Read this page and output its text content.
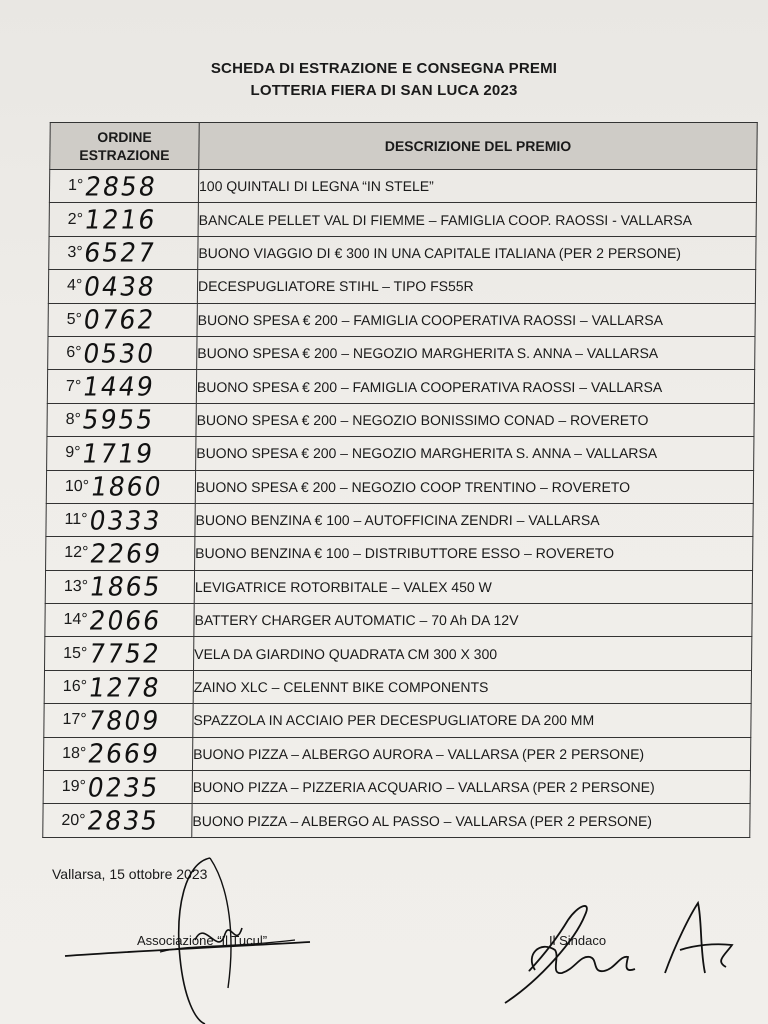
SCHEDA DI ESTRAZIONE E CONSEGNA PREMI
LOTTERIA FIERA DI SAN LUCA 2023
ORDINE
ESTRAZIONE	DESCRIZIONE DEL PREMIO

1° 2858	100 QUINTALI DI LEGNA “IN STELE”

2° 1216	BANCALE PELLET VAL DI FIEMME – FAMIGLIA COOP. RAOSSI - VALLARSA

3° 6527	BUONO VIAGGIO DI € 300 IN UNA CAPITALE ITALIANA (PER 2 PERSONE)

4° 0438	DECESPUGLIATORE STIHL – TIPO FS55R

5° 0762	BUONO SPESA € 200 – FAMIGLIA COOPERATIVA RAOSSI – VALLARSA

6° 0530	BUONO SPESA € 200 – NEGOZIO MARGHERITA S. ANNA – VALLARSA

7° 1449	BUONO SPESA € 200 – FAMIGLIA COOPERATIVA RAOSSI – VALLARSA

8° 5955	BUONO SPESA € 200 – NEGOZIO BONISSIMO CONAD – ROVERETO

9° 1719	BUONO SPESA € 200 – NEGOZIO MARGHERITA S. ANNA – VALLARSA

10° 1860	BUONO SPESA € 200 – NEGOZIO COOP TRENTINO – ROVERETO

11° 0333	BUONO BENZINA € 100 – AUTOFFICINA ZENDRI – VALLARSA

12° 2269	BUONO BENZINA € 100 – DISTRIBUTTORE ESSO – ROVERETO

13° 1865	LEVIGATRICE ROTORBITALE – VALEX 450 W

14° 2066	BATTERY CHARGER AUTOMATIC – 70 Ah DA 12V

15° 7752	VELA DA GIARDINO QUADRATA CM 300 X 300

16° 1278	ZAINO XLC – CELENNT BIKE COMPONENTS

17° 7809	SPAZZOLA IN ACCIAIO PER DECESPUGLIATORE DA 200 MM

18° 2669	BUONO PIZZA – ALBERGO AURORA – VALLARSA (PER 2 PERSONE)

19° 0235	BUONO PIZZA – PIZZERIA ACQUARIO – VALLARSA (PER 2 PERSONE)

20° 2835	BUONO PIZZA – ALBERGO AL PASSO – VALLARSA (PER 2 PERSONE)
Vallarsa, 15 ottobre 2023
Associazione “Il Tucul”	Il Sindaco
